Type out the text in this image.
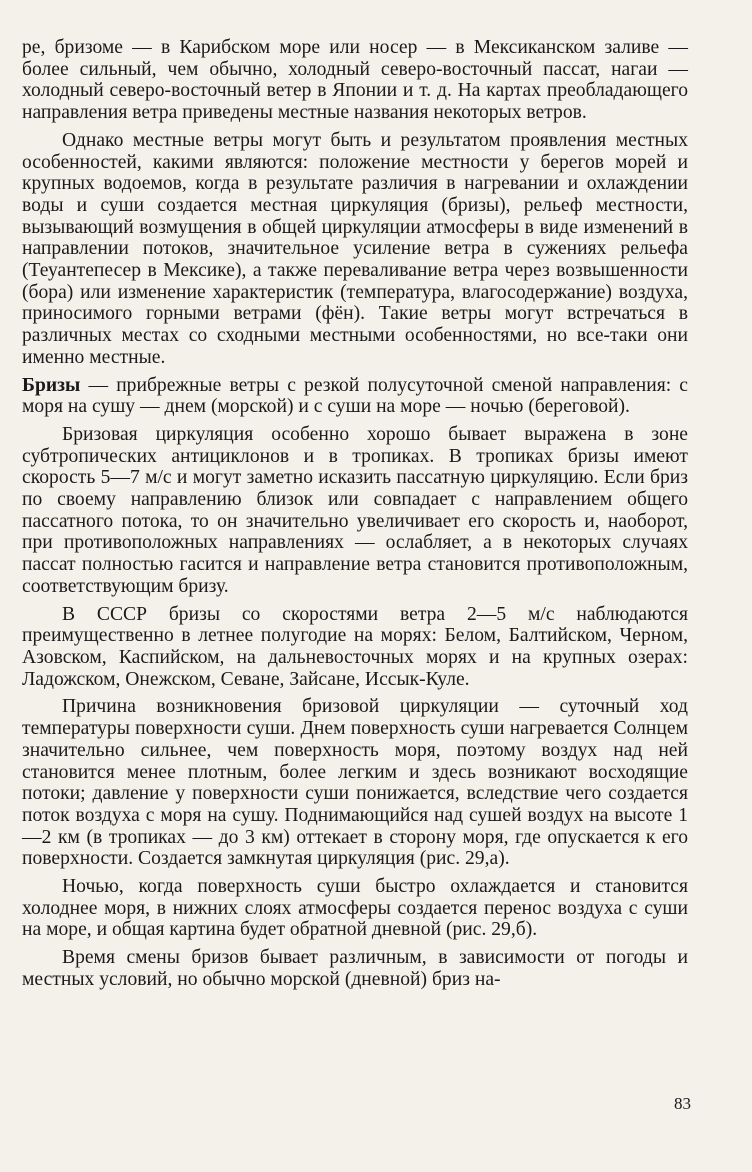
ре, бризоме — в Карибском море или носер — в Мексиканском заливе — более сильный, чем обычно, холодный северо-восточный пассат, нагаи — холодный северо-восточный ветер в Японии и т. д. На картах преобладающего направления ветра приведены местные названия некоторых ветров.

Однако местные ветры могут быть и результатом проявления местных особенностей, какими являются: положение местности у берегов морей и крупных водоемов, когда в результате различия в нагревании и охлаждении воды и суши создается местная циркуляция (бризы), рельеф местности, вызывающий возмущения в общей циркуляции атмосферы в виде изменений в направлении потоков, значительное усиление ветра в сужениях рельефа (Теуантепесер в Мексике), а также переваливание ветра через возвышенности (бора) или изменение характеристик (температура, влагосодержание) воздуха, приносимого горными ветрами (фён). Такие ветры могут встречаться в различных местах со сходными местными особенностями, но все-таки они именно местные.

Бризы — прибрежные ветры с резкой полусуточной сменой направления: с моря на сушу — днем (морской) и с суши на море — ночью (береговой).

Бризовая циркуляция особенно хорошо бывает выражена в зоне субтропических антициклонов и в тропиках. В тропиках бризы имеют скорость 5—7 м/с и могут заметно исказить пассатную циркуляцию. Если бриз по своему направлению близок или совпадает с направлением общего пассатного потока, то он значительно увеличивает его скорость и, наоборот, при противоположных направлениях — ослабляет, а в некоторых случаях пассат полностью гасится и направление ветра становится противоположным, соответствующим бризу.

В СССР бризы со скоростями ветра 2—5 м/с наблюдаются преимущественно в летнее полугодие на морях: Белом, Балтийском, Черном, Азовском, Каспийском, на дальневосточных морях и на крупных озерах: Ладожском, Онежском, Севане, Зайсане, Иссык-Куле.

Причина возникновения бризовой циркуляции — суточный ход температуры поверхности суши. Днем поверхность суши нагревается Солнцем значительно сильнее, чем поверхность моря, поэтому воздух над ней становится менее плотным, более легким и здесь возникают восходящие потоки; давление у поверхности суши понижается, вследствие чего создается поток воздуха с моря на сушу. Поднимающийся над сушей воздух на высоте 1—2 км (в тропиках — до 3 км) оттекает в сторону моря, где опускается к его поверхности. Создается замкнутая циркуляция (рис. 29,а).

Ночью, когда поверхность суши быстро охлаждается и становится холоднее моря, в нижних слоях атмосферы создается перенос воздуха с суши на море, и общая картина будет обратной дневной (рис. 29,б).

Время смены бризов бывает различным, в зависимости от погоды и местных условий, но обычно морской (дневной) бриз на-

83
